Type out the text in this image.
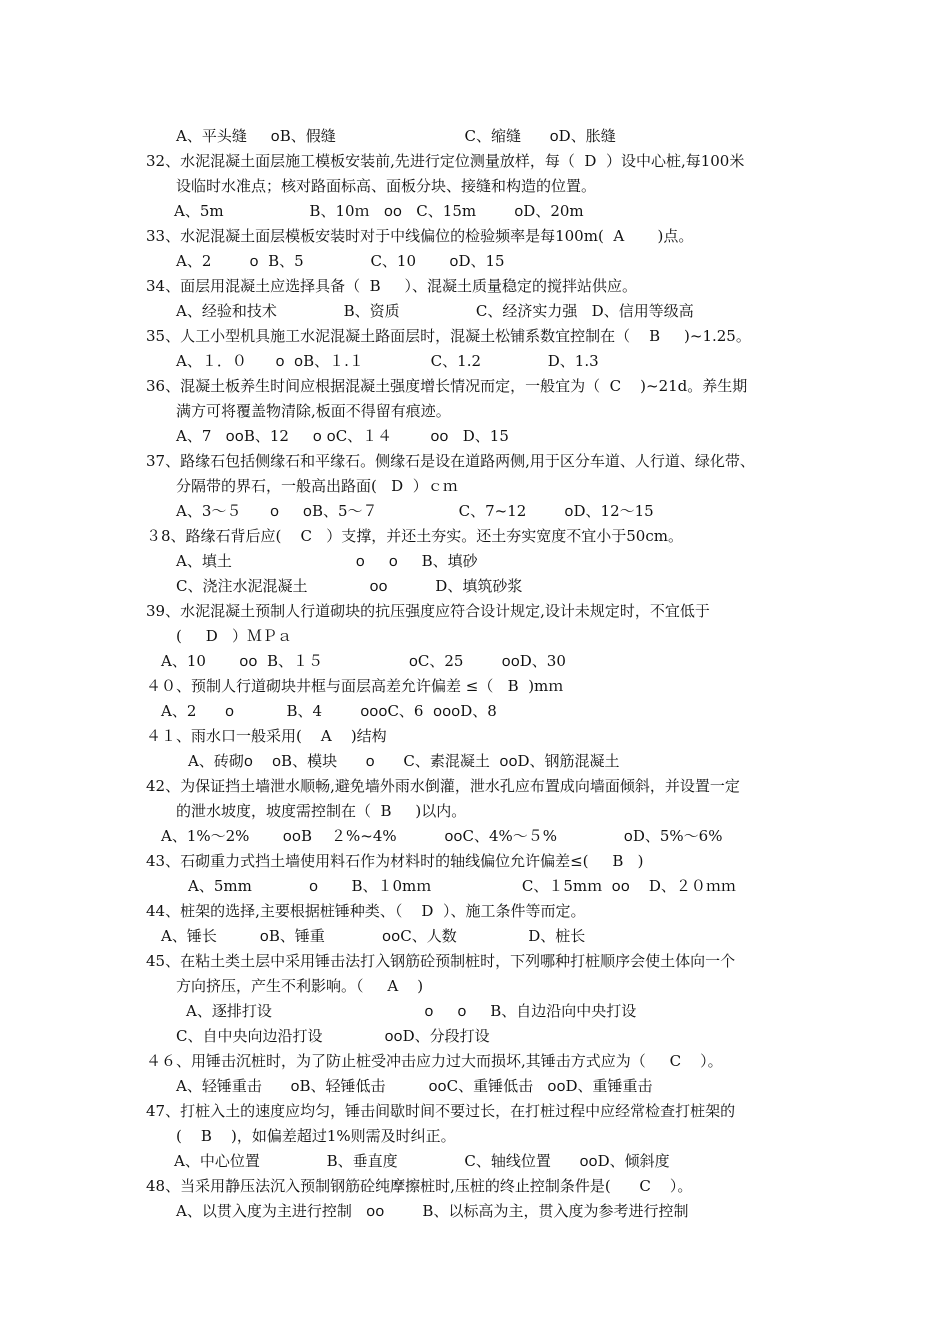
A、平头缝     ꧐B、假缝                           C、缩缝      ꧐D、胀缝
32、水泥混凝土面层施工模板安装前,先进行定位测量放样，每（  D  ）设中心桩,每100米
设临时水准点；核对路面标高、面板分块、接缝和构造的位置。
A、5m                  B、10ｍ   ꧐꧐   C、15m        ꧐D、20m
33、水泥混凝土面层模板安装时对于中线偏位的检验频率是每100m(  A       )点。
A、2        ꧐  B、5              C、10       ꧐D、15
34、面层用混凝土应选择具备（  B     ）、混凝土质量稳定的搅拌站供应。
A、经验和技术              B、资质                C、经济实力强   D、信用等级高
35、人工小型机具施工水泥混凝土路面层时，混凝土松铺系数宜控制在（    B     )~1.25。
A、１．０      ꧐  ꧐B、１.１              C、1.2              D、1.3
36、混凝土板养生时间应根据混凝土强度增长情况而定，一般宜为（  C    )~21d。养生期
满方可将覆盖物清除,板面不得留有痕迹。
A、7   ꧐꧐B、12     ꧐ ꧐C、１４        ꧐꧐   D、15
37、路缘石包括侧缘石和平缘石。侧缘石是设在道路两侧,用于区分车道、人行道、绿化带、
分隔带的界石，一般高出路面(   D  ）ｃｍ
A、3～５      ꧐     ꧐B、5～７                 C、7~12        ꧐D、12～15
３8、路缘石背后应(    C   ）支撑，并还土夯实。还土夯实宽度不宜小于50cm。
A、填土                          ꧐     ꧐     B、填砂
C、浇注水泥混凝土             ꧐꧐          D、填筑砂浆
39、水泥混凝土预制人行道砌块的抗压强度应符合设计规定,设计未规定时，不宜低于
(     D   ）ＭＰａ
A、10       ꧐꧐  B、１５                  ꧐C、25        ꧐꧐D、30
４０、预制人行道砌块井框与面层高差允许偏差 ≤（   B  )mｍ
A、2      ꧐           B、4        ꧐꧐꧐C、6  ꧐꧐꧐D、8
４１、雨水口一般采用(    A    )结构
A、砖砌꧐    ꧐B、模块      ꧐      C、素混凝土  ꧐꧐D、钢筋混凝土
42、为保证挡土墙泄水顺畅,避免墙外雨水倒灌，泄水孔应布置成向墙面倾斜，并设置一定
的泄水坡度，坡度需控制在（  B     )以内。
A、1%～2%       ꧐꧐B    ２%~4%          ꧐꧐C、4%～５%              ꧐D、5%～6%
43、石砌重力式挡土墙使用料石作为材料时的轴线偏位允许偏差≤(     B   )
A、5mm            ꧐       B、１0mｍ                   C、１5mｍ  ꧐꧐    D、２０ｍｍ
44、桩架的选择,主要根据桩锤种类、（    D  ）、施工条件等而定。
A、锤长         ꧐B、锤重            ꧐꧐C、人数               D、桩长
45、在粘土类土层中采用锤击法打入钢筋砼预制桩时，下列哪种打桩顺序会使土体向一个
方向挤压，产生不利影响。（     A    )
A、逐排打设                                ꧐     ꧐     B、自边沿向中央打设
C、自中央向边沿打设             ꧐꧐D、分段打设
４６、用锤击沉桩时，为了防止桩受冲击应力过大而损坏,其锤击方式应为（     C    ）。
A、轻锤重击      ꧐B、轻锤低击         ꧐꧐C、重锤低击   ꧐꧐D、重锤重击
47、打桩入土的速度应均匀，锤击间歇时间不要过长，在打桩过程中应经常检查打桩架的
(    B    )，如偏差超过1%则需及时纠正。
A、中心位置              B、垂直度              C、轴线位置      ꧐꧐D、倾斜度
48、当采用静压法沉入预制钢筋砼纯摩擦桩时,压桩的终止控制条件是(      C    ）。
A、以贯入度为主进行控制   ꧐꧐        B、以标高为主，贯入度为参考进行控制
